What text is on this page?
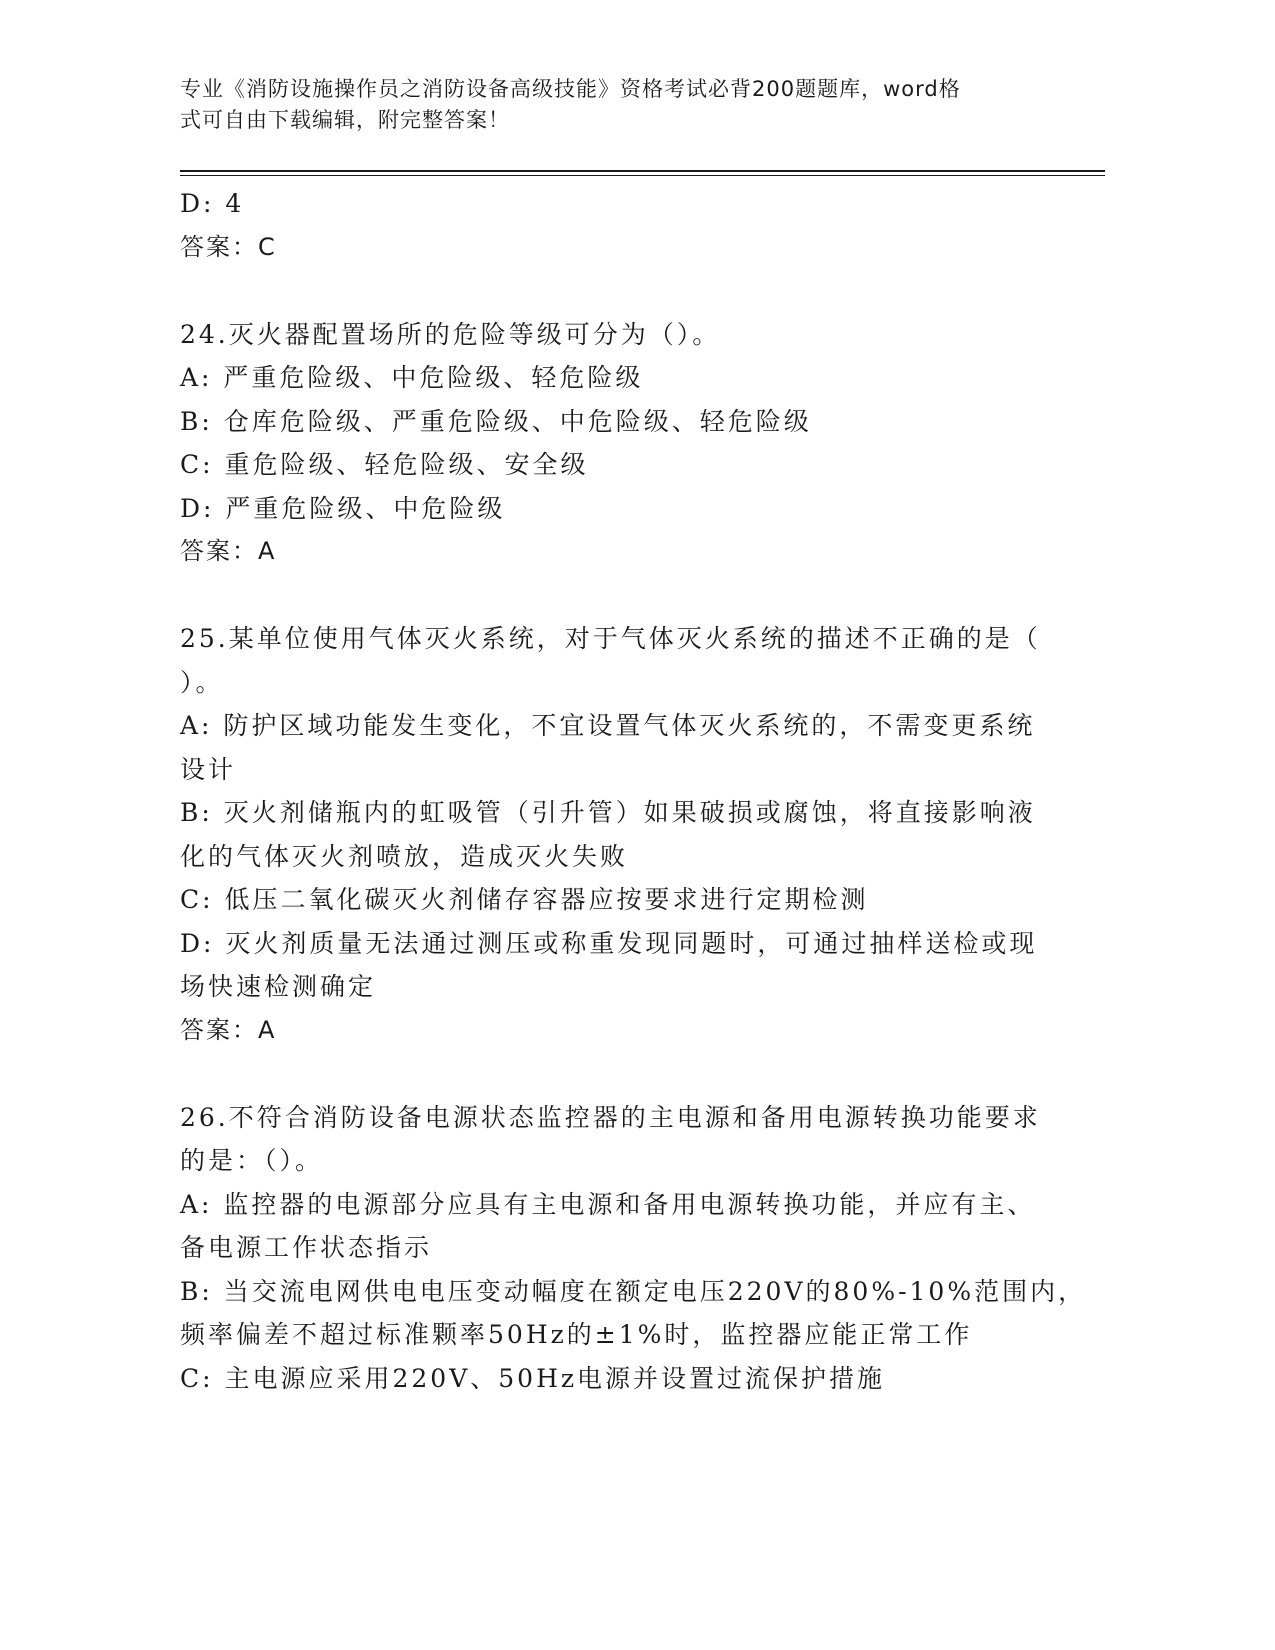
专业《消防设施操作员之消防设备高级技能》资格考试必背200题题库，word格
式可自由下载编辑，附完整答案！
D: 4
答案：C
24.灭火器配置场所的危险等级可分为（）。
A: 严重危险级、中危险级、轻危险级
B: 仓库危险级、严重危险级、中危险级、轻危险级
C: 重危险级、轻危险级、安全级
D: 严重危险级、中危险级
答案：A
25.某单位使用气体灭火系统，对于气体灭火系统的描述不正确的是（
）。
A: 防护区域功能发生变化，不宜设置气体灭火系统的，不需变更系统
设计
B: 灭火剂储瓶内的虹吸管（引升管）如果破损或腐蚀，将直接影响液
化的气体灭火剂喷放，造成灭火失败
C: 低压二氧化碳灭火剂储存容器应按要求进行定期检测
D: 灭火剂质量无法通过测压或称重发现同题时，可通过抽样送检或现
场快速检测确定
答案：A
26.不符合消防设备电源状态监控器的主电源和备用电源转换功能要求
的是：（）。
A: 监控器的电源部分应具有主电源和备用电源转换功能，并应有主、
备电源工作状态指示
B: 当交流电网供电电压变动幅度在额定电压220V的80%-10%范围内，
频率偏差不超过标准颗率50Hz的±1%时，监控器应能正常工作
C: 主电源应采用220V、50Hz电源并设置过流保护措施
